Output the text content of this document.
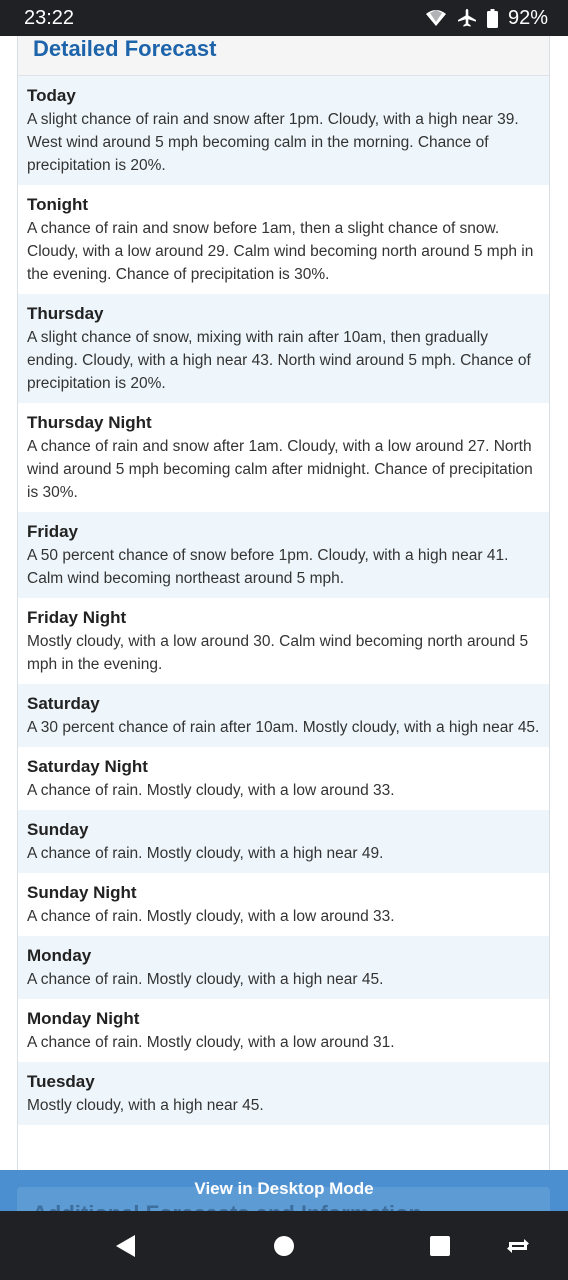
23:22	92%
Detailed Forecast
Today
A slight chance of rain and snow after 1pm. Cloudy, with a high near 39. West wind around 5 mph becoming calm in the morning. Chance of precipitation is 20%.
Tonight
A chance of rain and snow before 1am, then a slight chance of snow. Cloudy, with a low around 29. Calm wind becoming north around 5 mph in the evening. Chance of precipitation is 30%.
Thursday
A slight chance of snow, mixing with rain after 10am, then gradually ending. Cloudy, with a high near 43. North wind around 5 mph. Chance of precipitation is 20%.
Thursday Night
A chance of rain and snow after 1am. Cloudy, with a low around 27. North wind around 5 mph becoming calm after midnight. Chance of precipitation is 30%.
Friday
A 50 percent chance of snow before 1pm. Cloudy, with a high near 41. Calm wind becoming northeast around 5 mph.
Friday Night
Mostly cloudy, with a low around 30. Calm wind becoming north around 5 mph in the evening.
Saturday
A 30 percent chance of rain after 10am. Mostly cloudy, with a high near 45.
Saturday Night
A chance of rain. Mostly cloudy, with a low around 33.
Sunday
A chance of rain. Mostly cloudy, with a high near 49.
Sunday Night
A chance of rain. Mostly cloudy, with a low around 33.
Monday
A chance of rain. Mostly cloudy, with a high near 45.
Monday Night
A chance of rain. Mostly cloudy, with a low around 31.
Tuesday
Mostly cloudy, with a high near 45.
View in Desktop Mode
